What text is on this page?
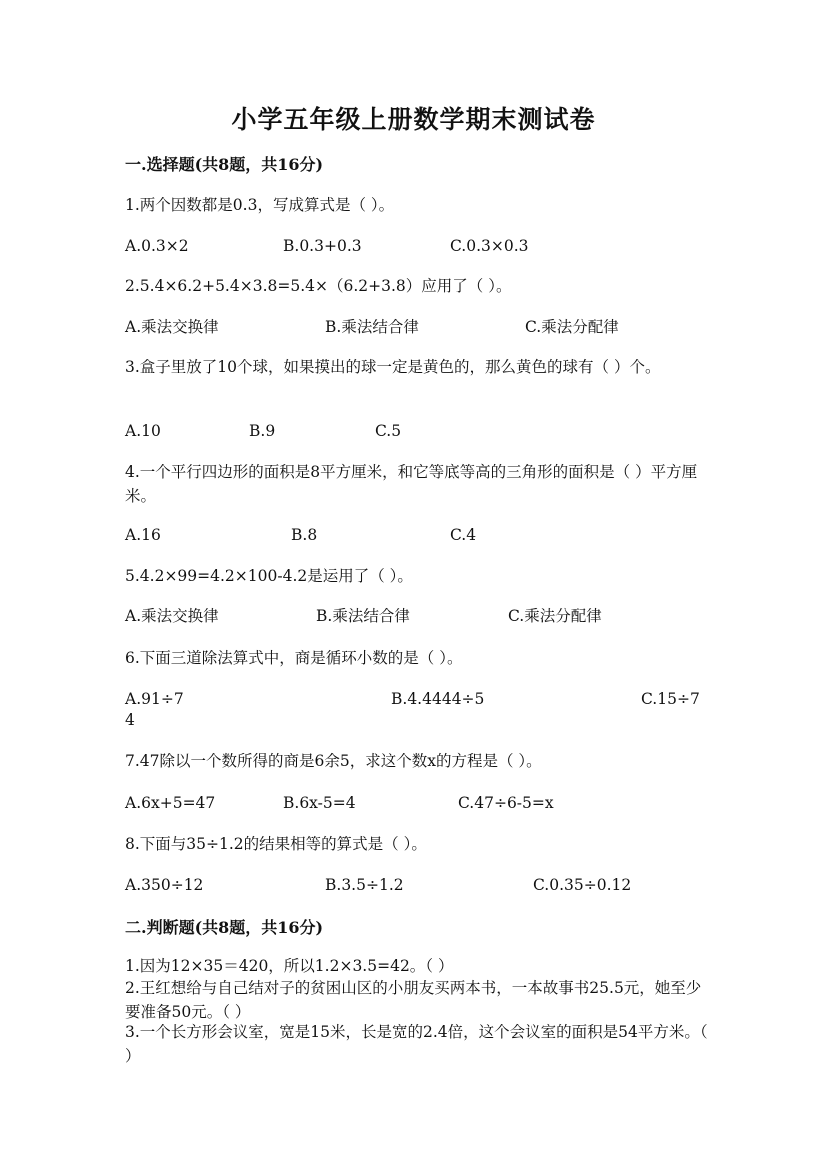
小学五年级上册数学期末测试卷
一.选择题(共8题，共16分)
1.两个因数都是0.3，写成算式是（ ）。
A.0.3×2	B.0.3+0.3	C.0.3×0.3
2.5.4×6.2+5.4×3.8=5.4×（6.2+3.8）应用了（ ）。
A.乘法交换律	B.乘法结合律	C.乘法分配律
3.盒子里放了10个球，如果摸出的球一定是黄色的，那么黄色的球有（ ）个。
A.10	B.9	C.5
4.一个平行四边形的面积是8平方厘米，和它等底等高的三角形的面积是（ ）平方厘米。
A.16	B.8	C.4
5.4.2×99=4.2×100-4.2是运用了（ ）。
A.乘法交换律	B.乘法结合律	C.乘法分配律
6.下面三道除法算式中，商是循环小数的是（ ）。
A.91÷7	B.4.4444÷5	C.15÷7
4
7.47除以一个数所得的商是6余5，求这个数x的方程是（ ）。
A.6x+5=47	B.6x-5=4	C.47÷6-5=x
8.下面与35÷1.2的结果相等的算式是（ ）。
A.350÷12	B.3.5÷1.2	C.0.35÷0.12
二.判断题(共8题，共16分)
1.因为12×35＝420，所以1.2×3.5=42。（ ）
2.王红想给与自己结对子的贫困山区的小朋友买两本书，一本故事书25.5元，她至少要准备50元。（ ）
3.一个长方形会议室，宽是15米，长是宽的2.4倍，这个会议室的面积是54平方米。（ ）
